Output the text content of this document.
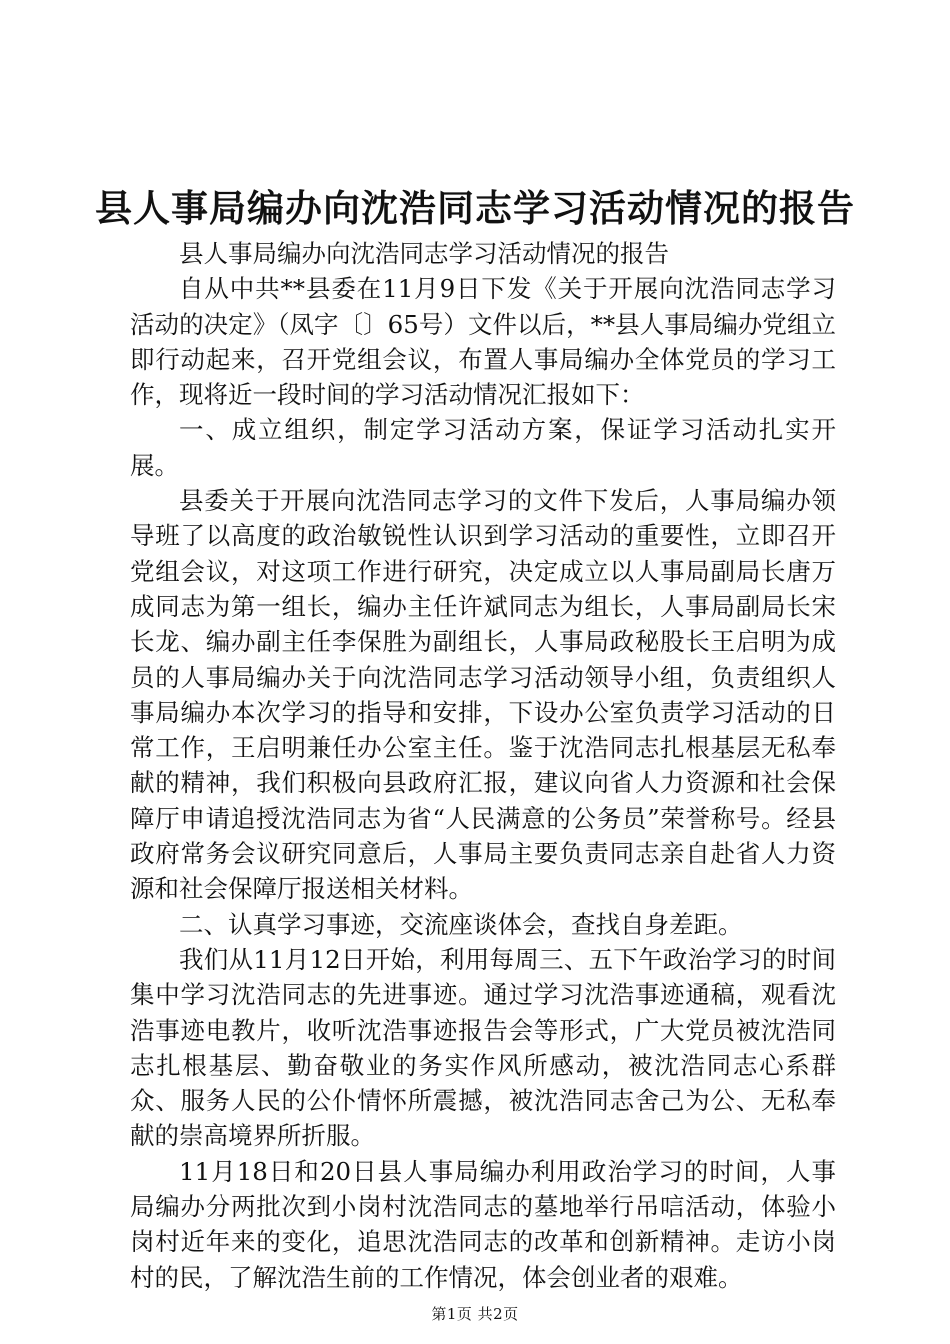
县人事局编办向沈浩同志学习活动情况的报告

县人事局编办向沈浩同志学习活动情况的报告

自从中共**县委在11月9日下发《关于开展向沈浩同志学习活动的决定》（凤字〔〕65号）文件以后，**县人事局编办党组立即行动起来，召开党组会议，布置人事局编办全体党员的学习工作，现将近一段时间的学习活动情况汇报如下：

一、成立组织，制定学习活动方案，保证学习活动扎实开展。

县委关于开展向沈浩同志学习的文件下发后，人事局编办领导班了以高度的政治敏锐性认识到学习活动的重要性，立即召开党组会议，对这项工作进行研究，决定成立以人事局副局长唐万成同志为第一组长，编办主任许斌同志为组长，人事局副局长宋长龙、编办副主任李保胜为副组长，人事局政秘股长王启明为成员的人事局编办关于向沈浩同志学习活动领导小组，负责组织人事局编办本次学习的指导和安排，下设办公室负责学习活动的日常工作，王启明兼任办公室主任。鉴于沈浩同志扎根基层无私奉献的精神，我们积极向县政府汇报，建议向省人力资源和社会保障厅申请追授沈浩同志为省“人民满意的公务员”荣誉称号。经县政府常务会议研究同意后，人事局主要负责同志亲自赴省人力资源和社会保障厅报送相关材料。

二、认真学习事迹，交流座谈体会，查找自身差距。

我们从11月12日开始，利用每周三、五下午政治学习的时间集中学习沈浩同志的先进事迹。通过学习沈浩事迹通稿，观看沈浩事迹电教片，收听沈浩事迹报告会等形式，广大党员被沈浩同志扎根基层、勤奋敬业的务实作风所感动，被沈浩同志心系群众、服务人民的公仆情怀所震撼，被沈浩同志舍己为公、无私奉献的崇高境界所折服。

11月18日和20日县人事局编办利用政治学习的时间，人事局编办分两批次到小岗村沈浩同志的墓地举行吊唁活动，体验小岗村近年来的变化，追思沈浩同志的改革和创新精神。走访小岗村的民，了解沈浩生前的工作情况，体会创业者的艰难。

第1页 共2页
